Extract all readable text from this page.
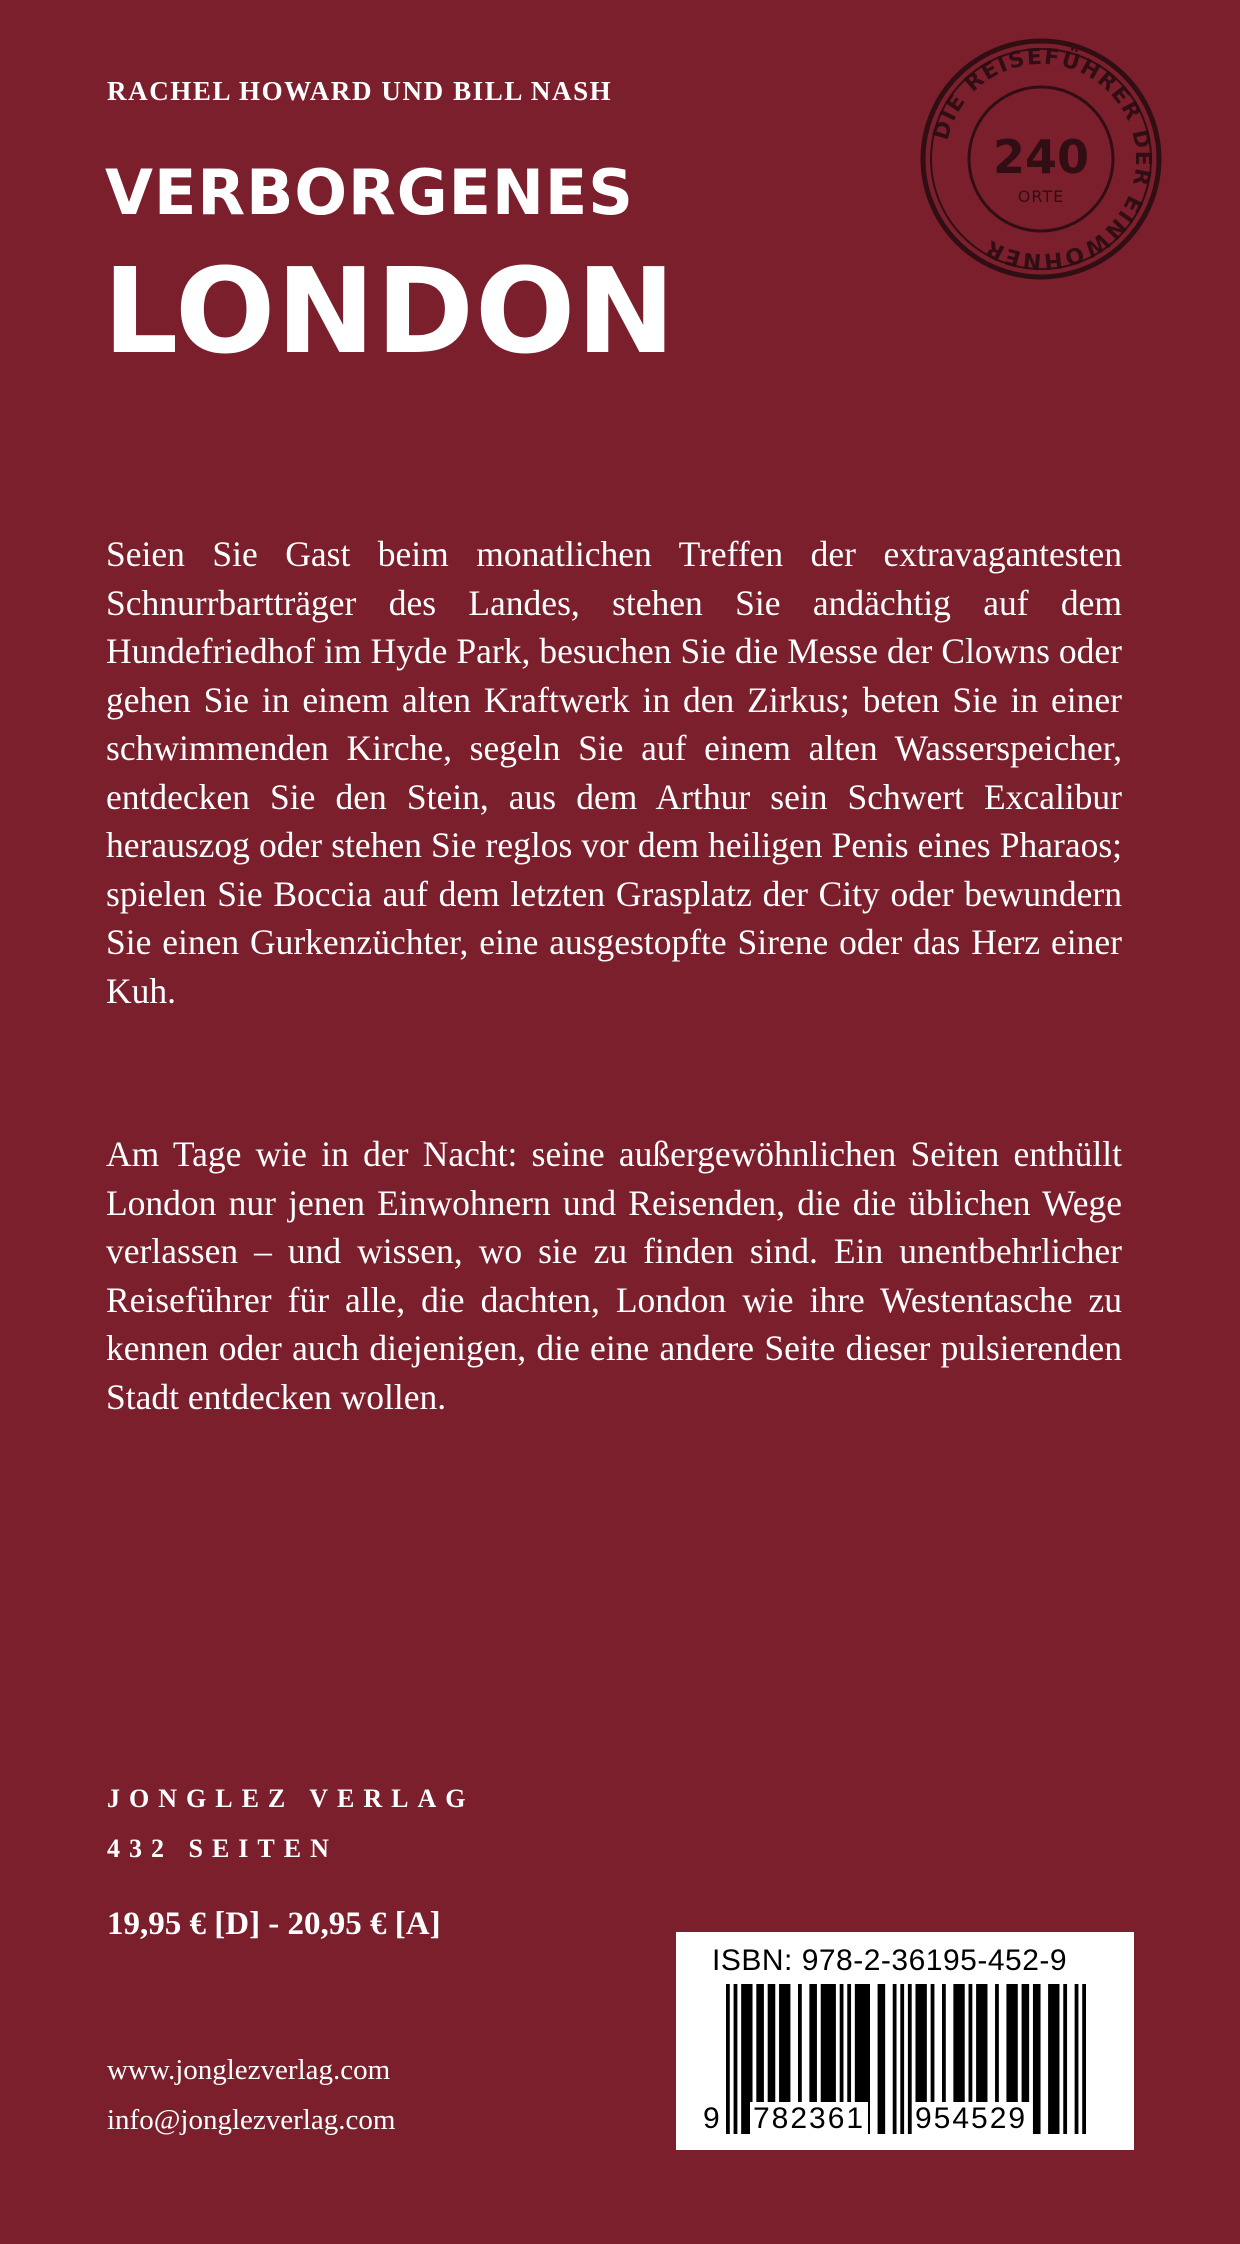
RACHEL HOWARD UND BILL NASH
VERBORGENES
LONDON
DIE REISEFÜHRER DER EINWOHNER
240
ORTE

Seien Sie Gast beim monatlichen Treffen der extravagantesten Schnurrbartträger des Landes, stehen Sie andächtig auf dem Hundefriedhof im Hyde Park, besuchen Sie die Messe der Clowns oder gehen Sie in einem alten Kraftwerk in den Zirkus; beten Sie in einer schwimmenden Kirche, segeln Sie auf einem alten Wasserspeicher, entdecken Sie den Stein, aus dem Arthur sein Schwert Excalibur herauszog oder stehen Sie reglos vor dem heiligen Penis eines Pharaos; spielen Sie Boccia auf dem letzten Grasplatz der City oder bewundern Sie einen Gurkenzüchter, eine ausgestopfte Sirene oder das Herz einer Kuh.

Am Tage wie in der Nacht: seine außergewöhnlichen Seiten enthüllt London nur jenen Einwohnern und Reisenden, die die üblichen Wege verlassen – und wissen, wo sie zu finden sind. Ein unentbehrlicher Reiseführer für alle, die dachten, London wie ihre Westentasche zu kennen oder auch diejenigen, die eine andere Seite dieser pulsierenden Stadt entdecken wollen.

JONGLEZ VERLAG
432 SEITEN
19,95 € [D] - 20,95 € [A]
www.jonglezverlag.com
info@jonglezverlag.com
ISBN: 978-2-36195-452-9
9 782361 954529
